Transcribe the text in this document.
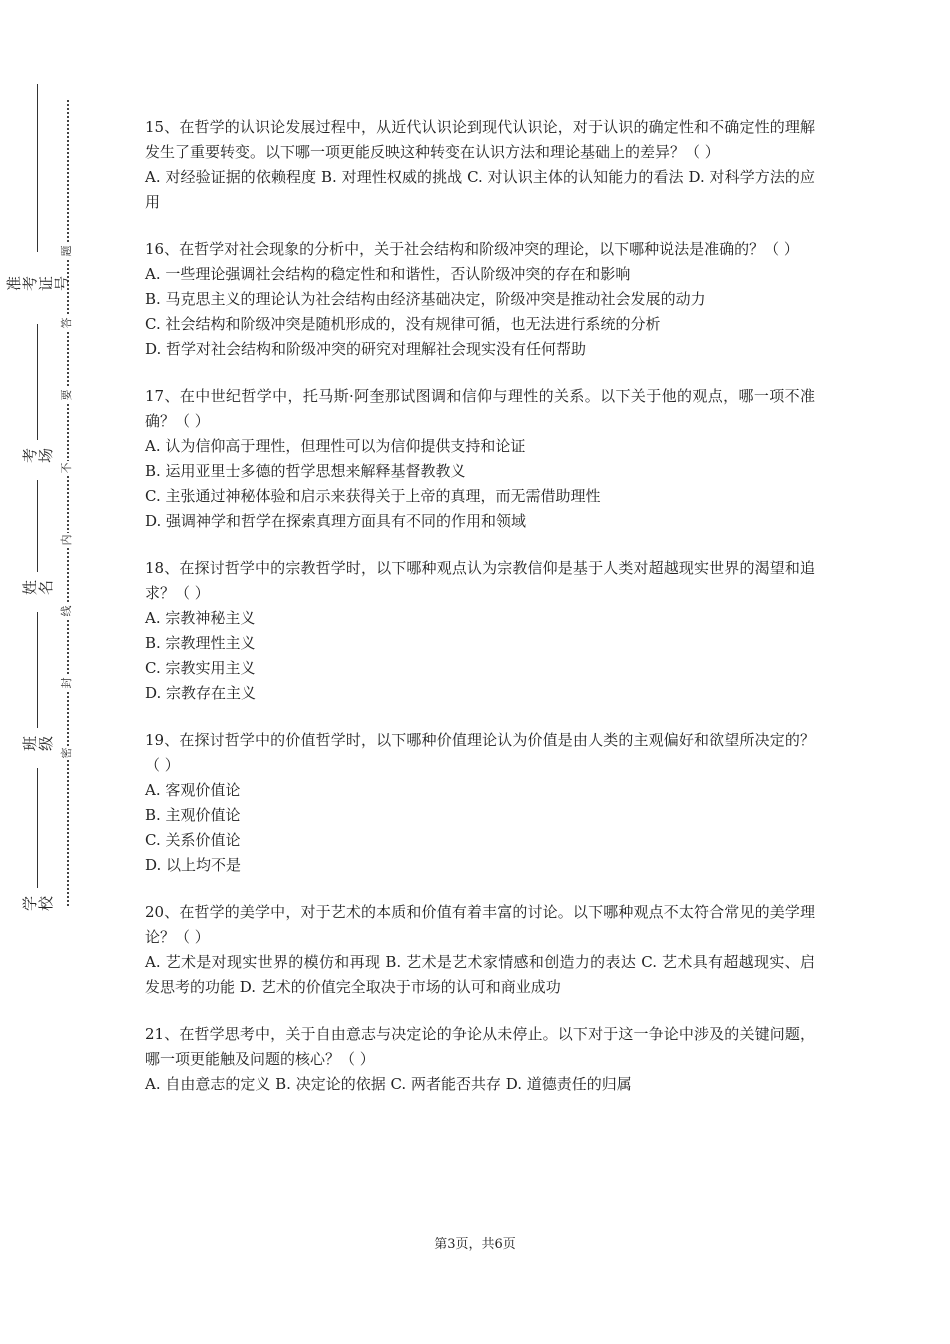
准考证号
考场
姓名
班级
学校
题
答
要
不
内
线
封
密

15、在哲学的认识论发展过程中，从近代认识论到现代认识论，对于认识的确定性和不确定性的理解发生了重要转变。以下哪一项更能反映这种转变在认识方法和理论基础上的差异？（ ）

A. 对经验证据的依赖程度 B. 对理性权威的挑战 C. 对认识主体的认知能力的看法 D. 对科学方法的应用

16、在哲学对社会现象的分析中，关于社会结构和阶级冲突的理论，以下哪种说法是准确的？（ ）

A. 一些理论强调社会结构的稳定性和和谐性，否认阶级冲突的存在和影响

B. 马克思主义的理论认为社会结构由经济基础决定，阶级冲突是推动社会发展的动力

C. 社会结构和阶级冲突是随机形成的，没有规律可循，也无法进行系统的分析

D. 哲学对社会结构和阶级冲突的研究对理解社会现实没有任何帮助

17、在中世纪哲学中，托马斯·阿奎那试图调和信仰与理性的关系。以下关于他的观点，哪一项不准确？（ ）

A. 认为信仰高于理性，但理性可以为信仰提供支持和论证

B. 运用亚里士多德的哲学思想来解释基督教教义

C. 主张通过神秘体验和启示来获得关于上帝的真理，而无需借助理性

D. 强调神学和哲学在探索真理方面具有不同的作用和领域

18、在探讨哲学中的宗教哲学时，以下哪种观点认为宗教信仰是基于人类对超越现实世界的渴望和追求？（ ）

A. 宗教神秘主义

B. 宗教理性主义

C. 宗教实用主义

D. 宗教存在主义

19、在探讨哲学中的价值哲学时，以下哪种价值理论认为价值是由人类的主观偏好和欲望所决定的？（ ）

A. 客观价值论

B. 主观价值论

C. 关系价值论

D. 以上均不是

20、在哲学的美学中，对于艺术的本质和价值有着丰富的讨论。以下哪种观点不太符合常见的美学理论？（ ）

A. 艺术是对现实世界的模仿和再现 B. 艺术是艺术家情感和创造力的表达 C. 艺术具有超越现实、启发思考的功能 D. 艺术的价值完全取决于市场的认可和商业成功

21、在哲学思考中，关于自由意志与决定论的争论从未停止。以下对于这一争论中涉及的关键问题，哪一项更能触及问题的核心？（ ）

A. 自由意志的定义 B. 决定论的依据 C. 两者能否共存 D. 道德责任的归属

第3页，共6页
